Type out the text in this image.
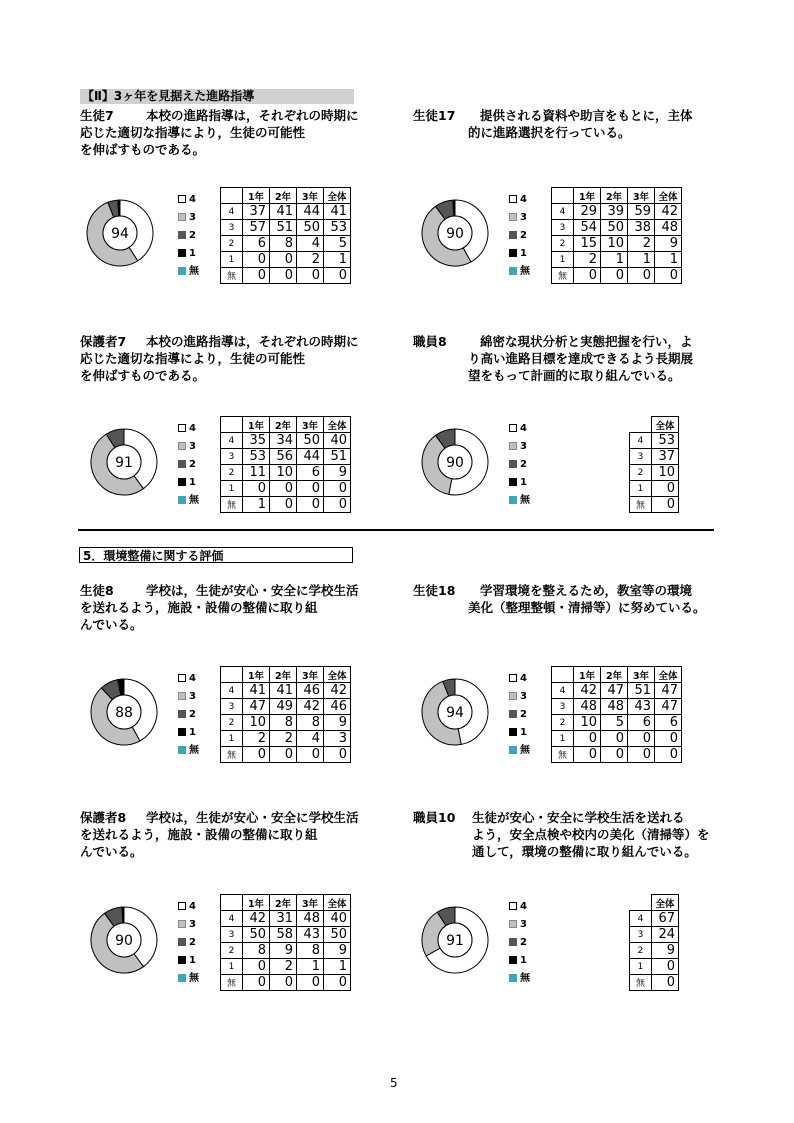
【Ⅱ】3ヶ年を見据えた進路指導
5．環境整備に関する評価
生徒7	本校の進路指導は，それぞれの時期に
応じた適切な指導により，生徒の可能性
を伸ばすものである。
94
4
3
2
1
無
	1年	2年	3年	全体
4	37	41	44	41
3	57	51	50	53
2	6	8	4	5
1	0	0	2	1
無	0	0	0	0
生徒17 提供される資料や助言をもとに，主体
的に進路選択を行っている。
90
4
3
2
1
無
	1年	2年	3年	全体
4	29	39	59	42
3	54	50	38	48
2	15	10	2	9
1	2	1	1	1
無	0	0	0	0
保護者7 本校の進路指導は，それぞれの時期に
応じた適切な指導により，生徒の可能性
を伸ばすものである。
91
4
3
2
1
無
	1年	2年	3年	全体
4	35	34	50	40
3	53	56	44	51
2	11	10	6	9
1	0	0	0	0
無	1	0	0	0
職員8	綿密な現状分析と実態把握を行い，よ
り高い進路目標を達成できるよう長期展
望をもって計画的に取り組んでいる。
90
4
3
2
1
無
	全体
4	53
3	37
2	10
1	0
無	0
生徒8	学校は，生徒が安心・安全に学校生活
を送れるよう，施設・設備の整備に取り組
んでいる。
88
4
3
2
1
無
	1年	2年	3年	全体
4	41	41	46	42
3	47	49	42	46
2	10	8	8	9
1	2	2	4	3
無	0	0	0	0
生徒18 学習環境を整えるため，教室等の環境
美化（整理整頓・清掃等）に努めている。
94
4
3
2
1
無
	1年	2年	3年	全体
4	42	47	51	47
3	48	48	43	47
2	10	5	6	6
1	0	0	0	0
無	0	0	0	0
保護者8 学校は，生徒が安心・安全に学校生活
を送れるよう，施設・設備の整備に取り組
んでいる。
90
4
3
2
1
無
	1年	2年	3年	全体
4	42	31	48	40
3	50	58	43	50
2	8	9	8	9
1	0	2	1	1
無	0	0	0	0
職員10 生徒が安心・安全に学校生活を送れる
よう，安全点検や校内の美化（清掃等）を
通して，環境の整備に取り組んでいる。
91
4
3
2
1
無
	全体
4	67
3	24
2	9
1	0
無	0
5
